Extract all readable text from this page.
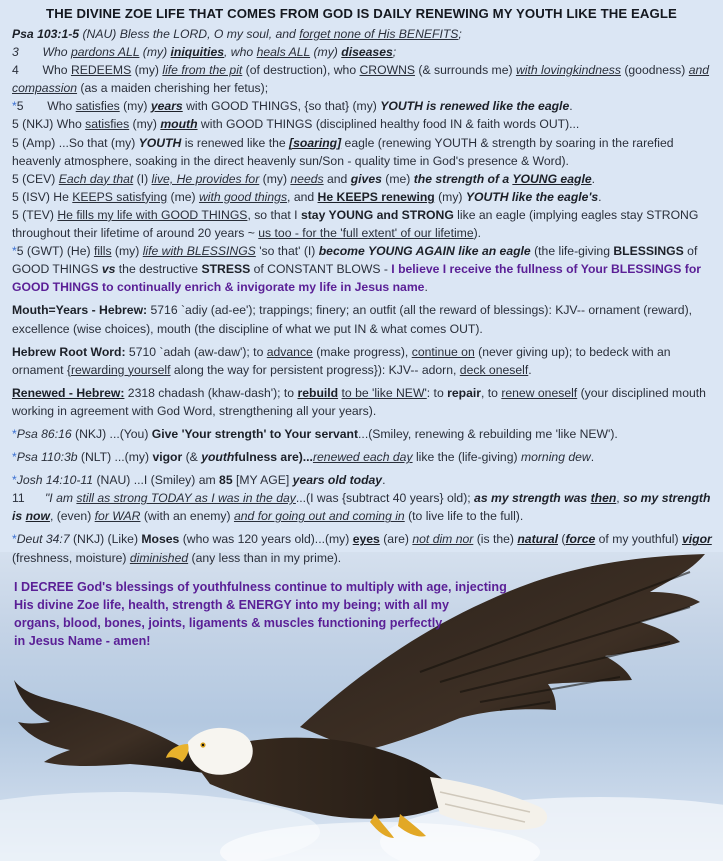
THE DIVINE ZOE LIFE THAT COMES FROM GOD IS DAILY RENEWING MY YOUTH LIKE THE EAGLE

Psa 103:1-5 (NAU) Bless the LORD, O my soul, and forget none of His BENEFITS;

3 Who pardons ALL (my) iniquities, who heals ALL (my) diseases;

4 Who REDEEMS (my) life from the pit (of destruction), who CROWNS (& surrounds me) with lovingkindness (goodness) and compassion (as a maiden cherishing her fetus);

*5 Who satisfies (my) years with GOOD THINGS, {so that} (my) YOUTH is renewed like the eagle.

5 (NKJ) Who satisfies (my) mouth with GOOD THINGS (disciplined healthy food IN & faith words OUT)...

5 (Amp) ...So that (my) YOUTH is renewed like the [soaring] eagle (renewing YOUTH & strength by soaring in the rarefied heavenly atmosphere, soaking in the direct heavenly sun/Son - quality time in God's presence & Word).

5 (CEV) Each day that (I) live, He provides for (my) needs and gives (me) the strength of a YOUNG eagle.

5 (ISV) He KEEPS satisfying (me) with good things, and He KEEPS renewing (my) YOUTH like the eagle's.

5 (TEV) He fills my life with GOOD THINGS, so that I stay YOUNG and STRONG like an eagle (implying eagles stay STRONG throughout their lifetime of around 20 years ~ us too - for the 'full extent' of our lifetime).

*5 (GWT) (He) fills (my) life with BLESSINGS 'so that' (I) become YOUNG AGAIN like an eagle (the life-giving BLESSINGS of GOOD THINGS vs the destructive STRESS of CONSTANT BLOWS - I believe I receive the fullness of Your BLESSINGS for GOOD THINGS to continually enrich & invigorate my life in Jesus name.

Mouth=Years - Hebrew: 5716 `adiy (ad-ee'); trappings; finery; an outfit (all the reward of blessings): KJV-- ornament (reward), excellence (wise choices), mouth (the discipline of what we put IN & what comes OUT).

Hebrew Root Word: 5710 `adah (aw-daw'); to advance (make progress), continue on (never giving up); to bedeck with an ornament {rewarding yourself along the way for persistent progress}): KJV-- adorn, deck oneself.

Renewed - Hebrew: 2318 chadash (khaw-dash'); to rebuild to be 'like NEW': to repair, to renew oneself (your disciplined mouth working in agreement with God Word, strengthening all your years).

*Psa 86:16 (NKJ) ...(You) Give 'Your strength' to Your servant...(Smiley, renewing & rebuilding me 'like NEW').

*Psa 110:3b (NLT) ...(my) vigor (& youthfulness are)...renewed each day like the (life-giving) morning dew.

*Josh 14:10-11 (NAU) ...I (Smiley) am 85 [MY AGE] years old today.

11 "I am still as strong TODAY as I was in the day...(I was {subtract 40 years} old); as my strength was then, so my strength is now, (even) for WAR (with an enemy) and for going out and coming in (to live life to the full).

*Deut 34:7 (NKJ) (Like) Moses (who was 120 years old)...(my) eyes (are) not dim nor (is the) natural (force of my youthful) vigor (freshness, moisture) diminished (any less than in my prime).

I DECREE God's blessings of youthfulness continue to multiply with age, injecting

His divine Zoe life, health, strength & ENERGY into my being; with all my

organs, blood, bones, joints, ligaments & muscles functioning perfectly

in Jesus Name - amen!
